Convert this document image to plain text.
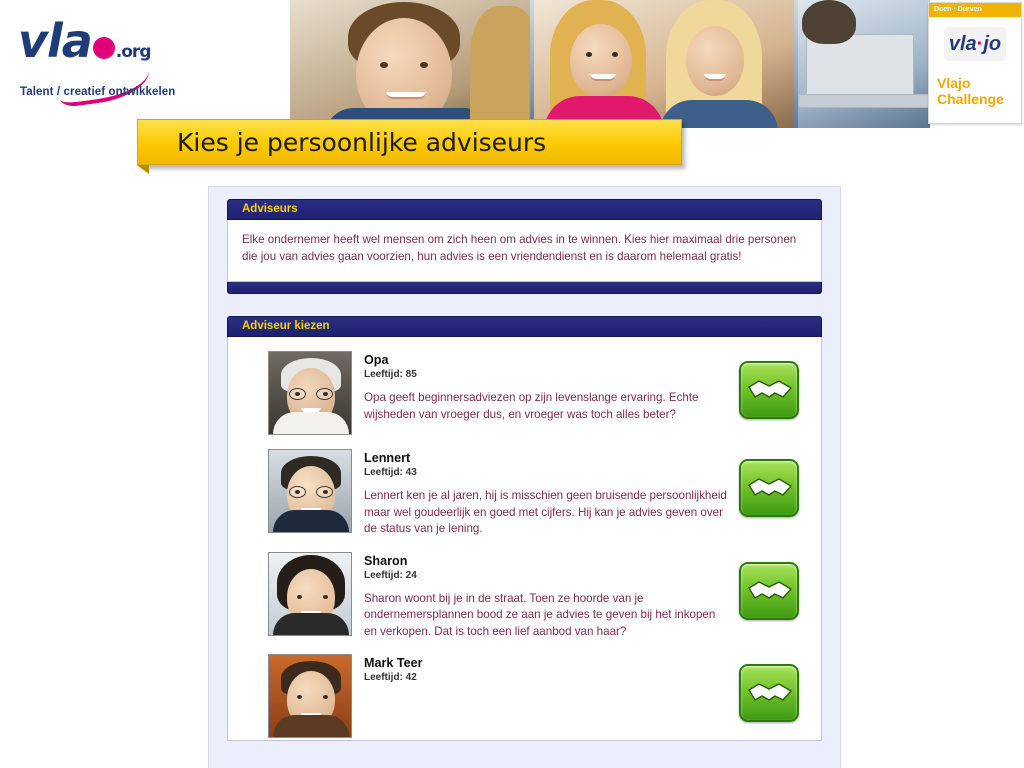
vla .org
Talent / creatief ontwikkelen
Doen · Durven
vla·jo
Vlajo
Challenge
Kies je persoonlijke adviseurs
Adviseurs
Elke ondernemer heeft wel mensen om zich heen om advies in te winnen. Kies hier maximaal drie personen die jou van advies gaan voorzien, hun advies is een vriendendienst en is daarom helemaal gratis!
Adviseur kiezen
Opa
Leeftijd: 85
Opa geeft beginnersadviezen op zijn levenslange ervaring. Echte wijsheden van vroeger dus, en vroeger was toch alles beter?
Lennert
Leeftijd: 43
Lennert ken je al jaren, hij is misschien geen bruisende persoonlijkheid maar wel goudeerlijk en goed met cijfers. Hij kan je advies geven over de status van je lening.
Sharon
Leeftijd: 24
Sharon woont bij je in de straat. Toen ze hoorde van je ondernemersplannen bood ze aan je advies te geven bij het inkopen en verkopen. Dat is toch een lief aanbod van haar?
Mark Teer
Leeftijd: 42
